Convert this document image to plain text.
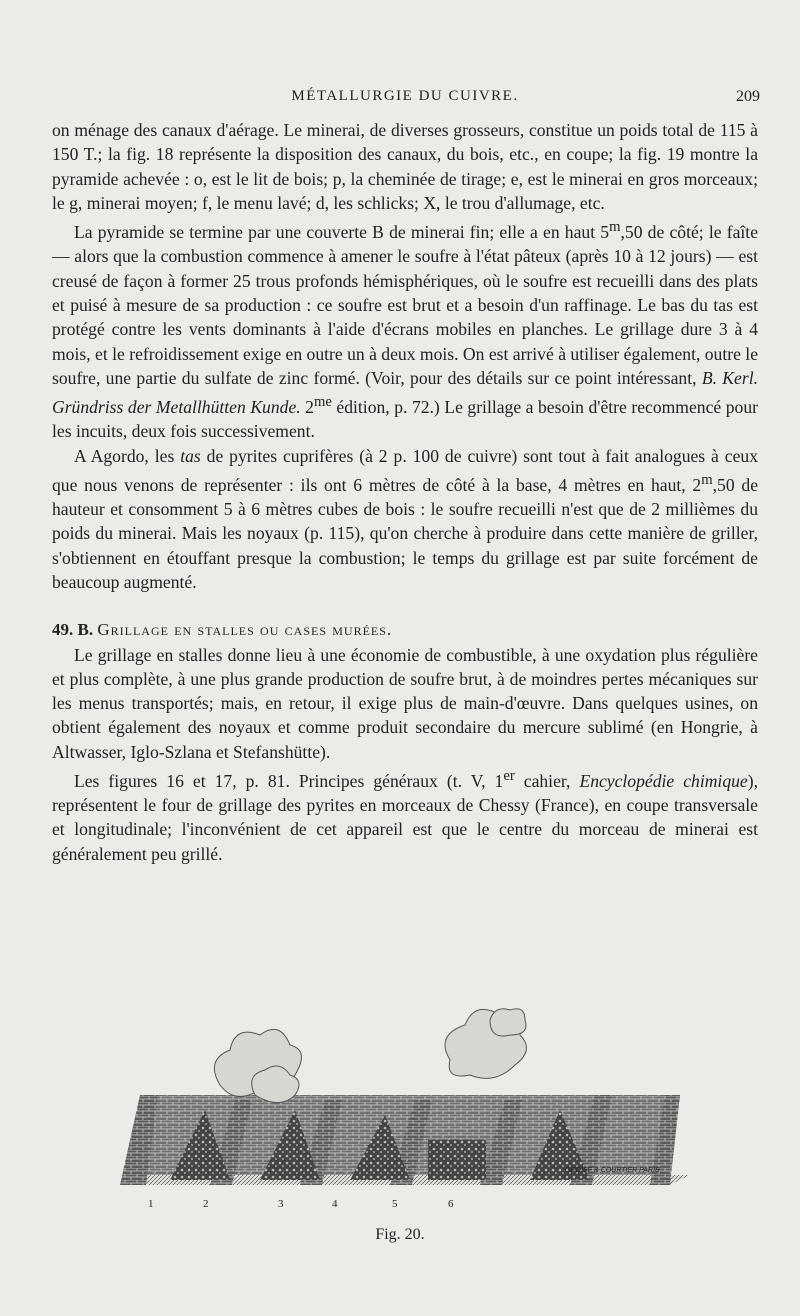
MÉTALLURGIE DU CUIVRE.	209

on ménage des canaux d'aérage. Le minerai, de diverses grosseurs, constitue un poids total de 115 à 150 T.; la fig. 18 représente la disposition des canaux, du bois, etc., en coupe; la fig. 19 montre la pyramide achevée : o, est le lit de bois; p, la cheminée de tirage; e, est le minerai en gros morceaux; le g, minerai moyen; f, le menu lavé; d, les schlicks; X, le trou d'allumage, etc.

La pyramide se termine par une couverte B de minerai fin; elle a en haut 5$^m$,50 de côté; le faîte — alors que la combustion commence à amener le soufre à l'état pâteux (après 10 à 12 jours) — est creusé de façon à former 25 trous profonds hémisphériques, où le soufre est recueilli dans des plats et puisé à mesure de sa production : ce soufre est brut et a besoin d'un raffinage. Le bas du tas est protégé contre les vents dominants à l'aide d'écrans mobiles en planches. Le grillage dure 3 à 4 mois, et le refroidissement exige en outre un à deux mois. On est arrivé à utiliser également, outre le soufre, une partie du sulfate de zinc formé. (Voir, pour des détails sur ce point intéressant, B. Kerl. Gründriss der Metallhütten Kunde. $2^{me}$ édition, p. 72.) Le grillage a besoin d'être recommencé pour les incuits, deux fois successivement.

A Agordo, les tas de pyrites cuprifères (à 2 p. 100 de cuivre) sont tout à fait analogues à ceux que nous venons de représenter : ils ont 6 mètres de côté à la base, 4 mètres en haut, 2$^m$,50 de hauteur et consomment 5 à 6 mètres cubes de bois : le soufre recueilli n'est que de 2 millièmes du poids du minerai. Mais les noyaux (p. 115), qu'on cherche à produire dans cette manière de griller, s'obtiennent en étouffant presque la combustion; le temps du grillage est par suite forcément de beaucoup augmenté.

49. B. Grillage en stalles ou cases murées.

Le grillage en stalles donne lieu à une économie de combustible, à une oxydation plus régulière et plus complète, à une plus grande production de soufre brut, à de moindres pertes mécaniques sur les menus transportés; mais, en retour, il exige plus de main-d'œuvre. Dans quelques usines, on obtient également des noyaux et comme produit secondaire du mercure sublimé (en Hongrie, à Altwasser, Iglo-Szlana et Stefanshütte).

Les figures 16 et 17, p. 81. Principes généraux (t. V, 1er cahier, Encyclopédie chimique), représentent le four de grillage des pyrites en morceaux de Chessy (France), en coupe transversale et longitudinale; l'inconvénient de cet appareil est que le centre du morceau de minerai est généralement peu grillé.

GROISE & COURTIER PARIS
1	2	3	4	5	6
Fig. 20.
